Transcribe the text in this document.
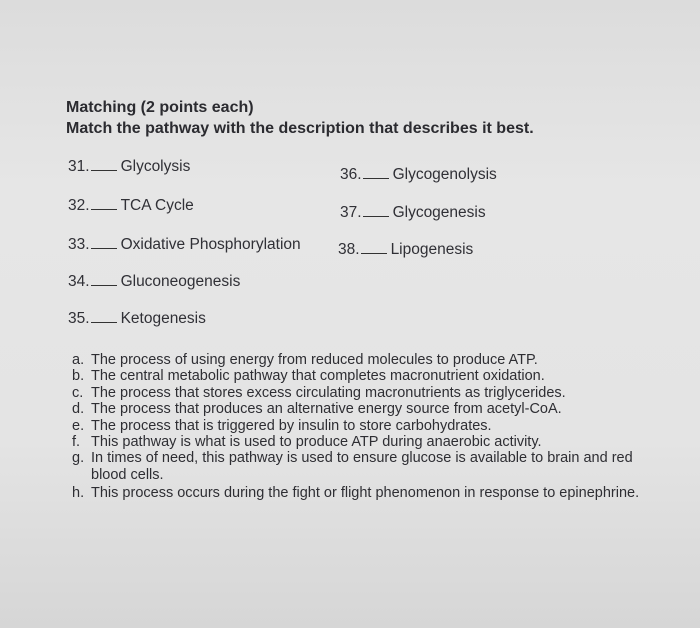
Matching (2 points each)
Match the pathway with the description that describes it best.
31. Glycolysis
32. TCA Cycle
33. Oxidative Phosphorylation
34. Gluconeogenesis
35. Ketogenesis
36. Glycogenolysis
37. Glycogenesis
38. Lipogenesis
a. The process of using energy from reduced molecules to produce ATP.
b. The central metabolic pathway that completes macronutrient oxidation.
c. The process that stores excess circulating macronutrients as triglycerides.
d. The process that produces an alternative energy source from acetyl-CoA.
e. The process that is triggered by insulin to store carbohydrates.
f. This pathway is what is used to produce ATP during anaerobic activity.
g. In times of need, this pathway is used to ensure glucose is available to brain and red
blood cells.
h. This process occurs during the fight or flight phenomenon in response to epinephrine.
